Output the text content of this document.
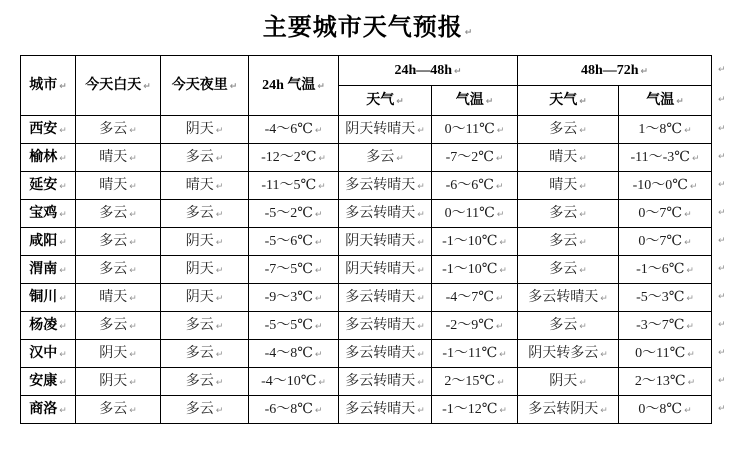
主要城市天气预报 ↵
城市 ↵	今天白天 ↵	今天夜里 ↵	24h 气温 ↵	24h—48h ↵		48h—72h ↵	
				天气 ↵	气温 ↵	天气 ↵	气温 ↵
西安 ↵	多云 ↵	阴天 ↵	-4～6℃ ↵	阴天转晴天 ↵	0～11℃ ↵	多云 ↵	1～8℃ ↵
榆林 ↵	晴天 ↵	多云 ↵	-12～2℃ ↵	多云 ↵	-7～2℃ ↵	晴天 ↵	-11～-3℃ ↵
延安 ↵	晴天 ↵	晴天 ↵	-11～5℃ ↵	多云转晴天 ↵	-6～6℃ ↵	晴天 ↵	-10～0℃ ↵
宝鸡 ↵	多云 ↵	多云 ↵	-5～2℃ ↵	多云转晴天 ↵	0～11℃ ↵	多云 ↵	0～7℃ ↵
咸阳 ↵	多云 ↵	阴天 ↵	-5～6℃ ↵	阴天转晴天 ↵	-1～10℃ ↵	多云 ↵	0～7℃ ↵
渭南 ↵	多云 ↵	阴天 ↵	-7～5℃ ↵	阴天转晴天 ↵	-1～10℃ ↵	多云 ↵	-1～6℃ ↵
铜川 ↵	晴天 ↵	阴天 ↵	-9～3℃ ↵	多云转晴天 ↵	-4～7℃ ↵	多云转晴天 ↵	-5～3℃ ↵
杨凌 ↵	多云 ↵	多云 ↵	-5～5℃ ↵	多云转晴天 ↵	-2～9℃ ↵	多云 ↵	-3～7℃ ↵
汉中 ↵	阴天 ↵	多云 ↵	-4～8℃ ↵	多云转晴天 ↵	-1～11℃ ↵	阴天转多云 ↵	0～11℃ ↵
安康 ↵	阴天 ↵	多云 ↵	-4～10℃ ↵	多云转晴天 ↵	2～15℃ ↵	阴天 ↵	2～13℃ ↵
商洛 ↵	多云 ↵	多云 ↵	-6～8℃ ↵	多云转晴天 ↵	-1～12℃ ↵	多云转阴天 ↵	0～8℃ ↵
↵
↵
↵
↵
↵
↵
↵
↵
↵
↵
↵
↵
↵
